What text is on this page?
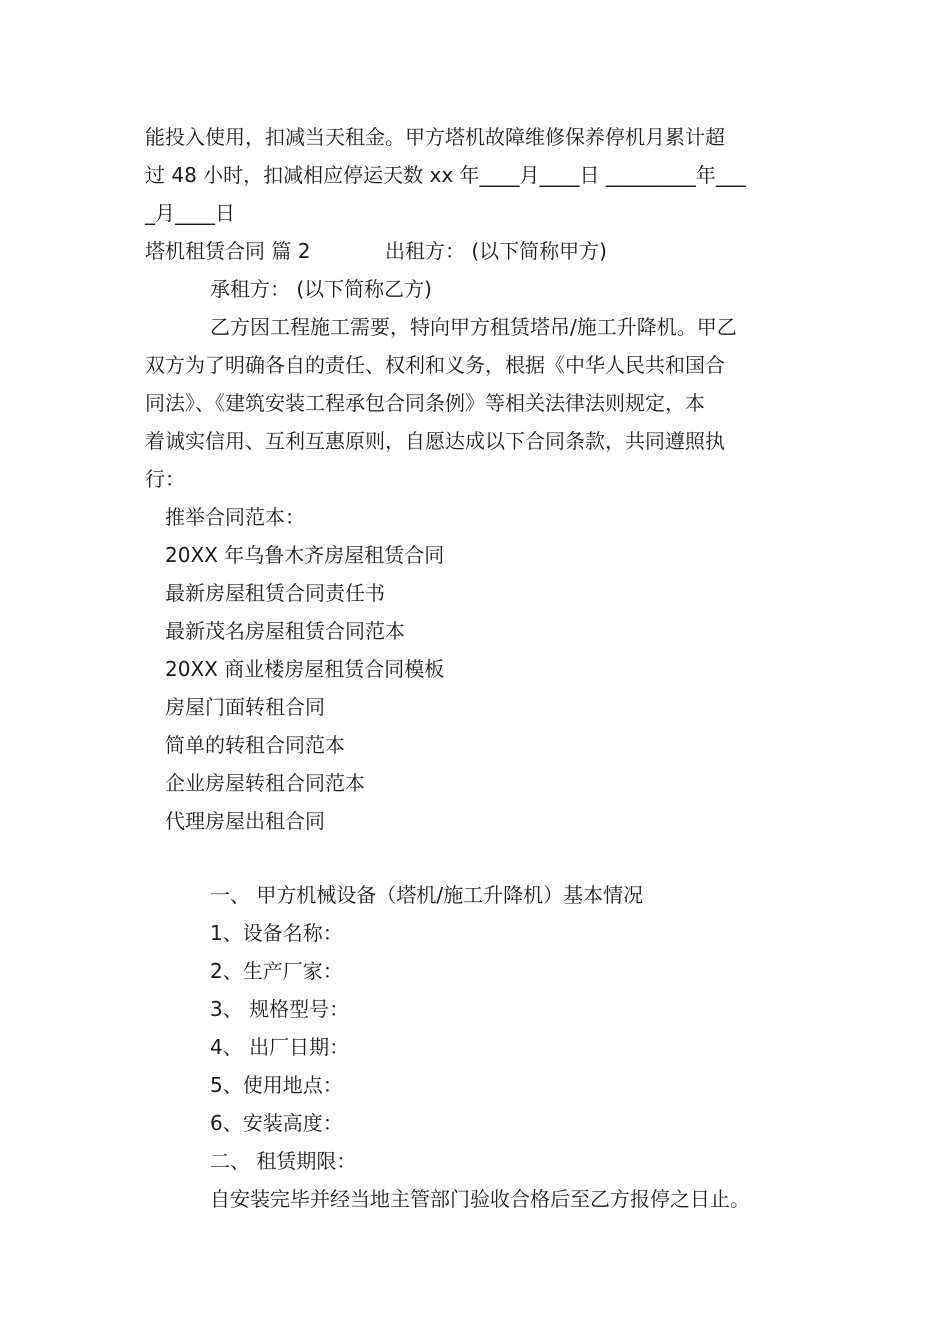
能投入使用，扣减当天租金。甲方塔机故障维修保养停机月累计超
过 48 小时，扣减相应停运天数 xx 年____月____日 _________年___
_月____日
塔机租赁合同 篇 2	出租方： (以下简称甲方)
承租方： (以下简称乙方)
乙方因工程施工需要，特向甲方租赁塔吊/施工升降机。甲乙
双方为了明确各自的责任、权利和义务，根据《中华人民共和国合
同法》、《建筑安装工程承包合同条例》等相关法律法则规定，本
着诚实信用、互利互惠原则，自愿达成以下合同条款，共同遵照执
行：
推举合同范本：
20XX 年乌鲁木齐房屋租赁合同
最新房屋租赁合同责任书
最新茂名房屋租赁合同范本
20XX 商业楼房屋租赁合同模板
房屋门面转租合同
简单的转租合同范本
企业房屋转租合同范本
代理房屋出租合同
一、 甲方机械设备（塔机/施工升降机）基本情况
1、设备名称：
2、生产厂家：
3、 规格型号：
4、 出厂日期：
5、使用地点：
6、安装高度：
二、 租赁期限：
自安装完毕并经当地主管部门验收合格后至乙方报停之日止。
